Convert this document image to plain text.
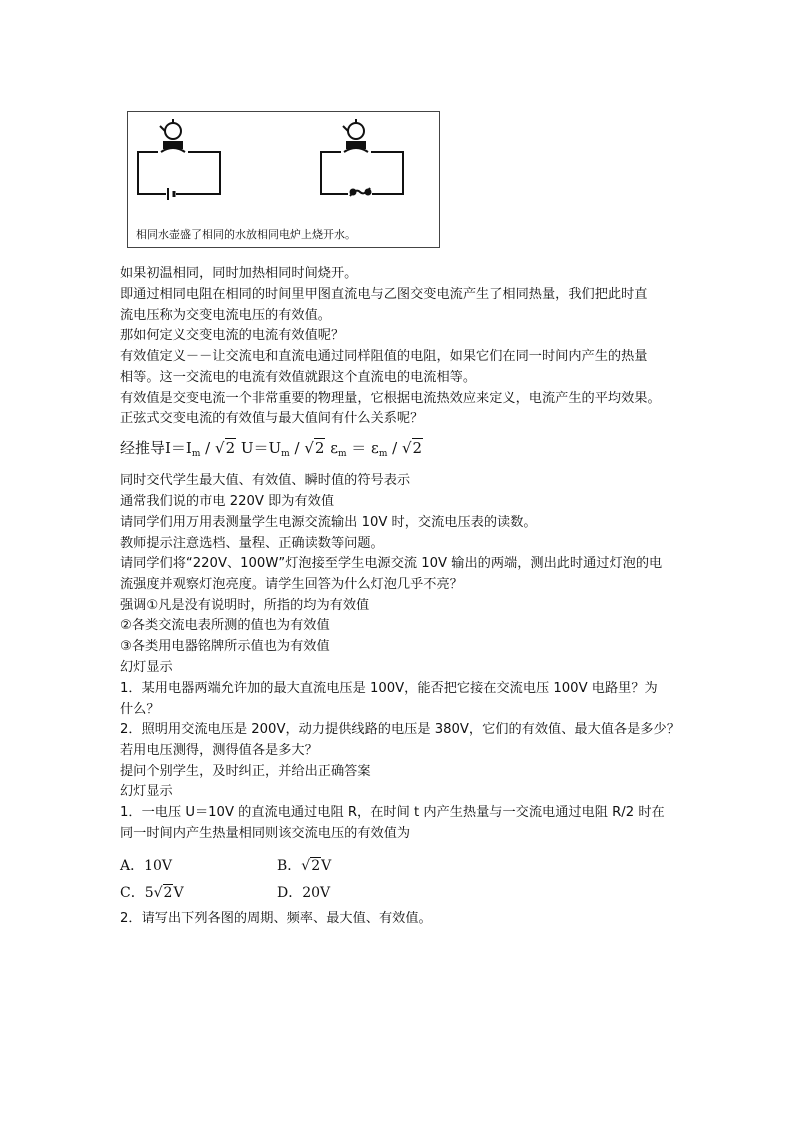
相同水壶盛了相同的水放相同电炉上烧开水。
如果初温相同，同时加热相同时间烧开。
即通过相同电阻在相同的时间里甲图直流电与乙图交变电流产生了相同热量，我们把此时直
流电压称为交变电流电压的有效值。
那如何定义交变电流的电流有效值呢？
有效值定义－－让交流电和直流电通过同样阻值的电阻，如果它们在同一时间内产生的热量
相等。这一交流电的电流有效值就跟这个直流电的电流相等。
有效值是交变电流一个非常重要的物理量，它根据电流热效应来定义，电流产生的平均效果。
正弦式交变电流的有效值与最大值间有什么关系呢？
经推导$I=I_m / √2$ $U=U_m / √2$ $\varepsilon_m = \varepsilon_m / √2$
同时交代学生最大值、有效值、瞬时值的符号表示
通常我们说的市电 220V 即为有效值
请同学们用万用表测量学生电源交流输出 10V 时，交流电压表的读数。
教师提示注意选档、量程、正确读数等问题。
请同学们将“220V、100W”灯泡接至学生电源交流 10V 输出的两端，测出此时通过灯泡的电
流强度并观察灯泡亮度。请学生回答为什么灯泡几乎不亮？
强调①凡是没有说明时，所指的均为有效值
②各类交流电表所测的值也为有效值
③各类用电器铭牌所示值也为有效值
幻灯显示
1．某用电器两端允许加的最大直流电压是 100V，能否把它接在交流电压 100V 电路里？为
什么？
2．照明用交流电压是 200V，动力提供线路的电压是 380V，它们的有效值、最大值各是多少？
若用电压测得，测得值各是多大？
提问个别学生，及时纠正，并给出正确答案
幻灯显示
1．一电压 U＝10V 的直流电通过电阻 R，在时间 t 内产生热量与一交流电通过电阻 R/2 时在
同一时间内产生热量相同则该交流电压的有效值为
A．10V	B．√2V
C．5√2V	D．20V
2．请写出下列各图的周期、频率、最大值、有效值。
